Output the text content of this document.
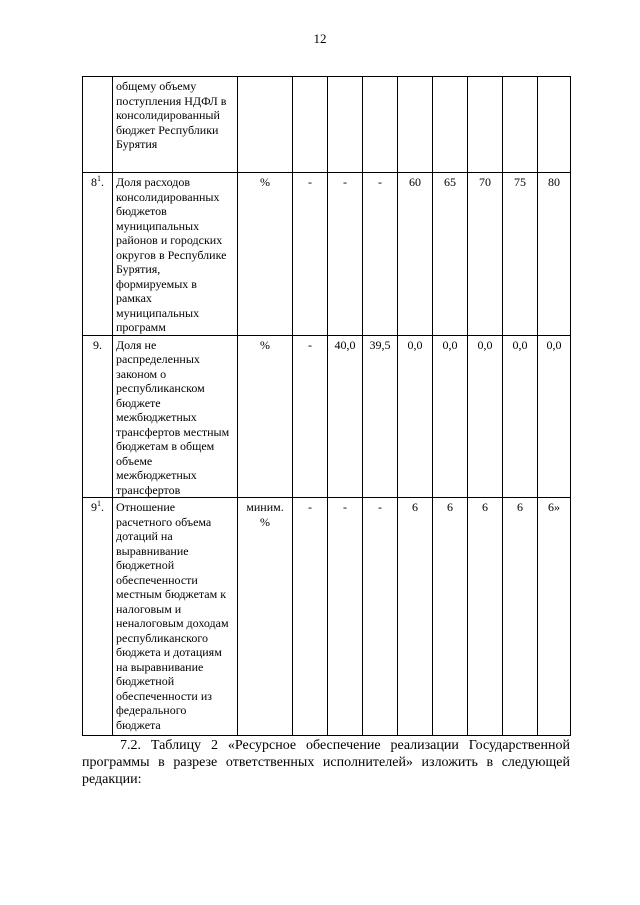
12
	общему объему поступления НДФЛ в консолидированный бюджет Республики Бурятия									
$8^1$.	Доля расходов консолидированных бюджетов муниципальных районов и городских округов в Республике Бурятия, формируемых в рамках муниципальных программ	%	-	-	-	60	65	70	75	80
9.	Доля не распределенных законом о республиканском бюджете межбюджетных трансфертов местным бюджетам в общем объеме межбюджетных трансфертов	%	-	40,0	39,5	0,0	0,0	0,0	0,0	0,0
$9^1$.	Отношение расчетного объема дотаций на выравнивание бюджетной обеспеченности местным бюджетам к налоговым и неналоговым доходам республиканского бюджета и дотациям на выравнивание бюджетной обеспеченности из федерального бюджета	миним. %	-	-	-	6	6	6	6	6»

7.2. Таблицу 2 «Ресурсное обеспечение реализации Государственной программы в разрезе ответственных исполнителей» изложить в следующей редакции:
